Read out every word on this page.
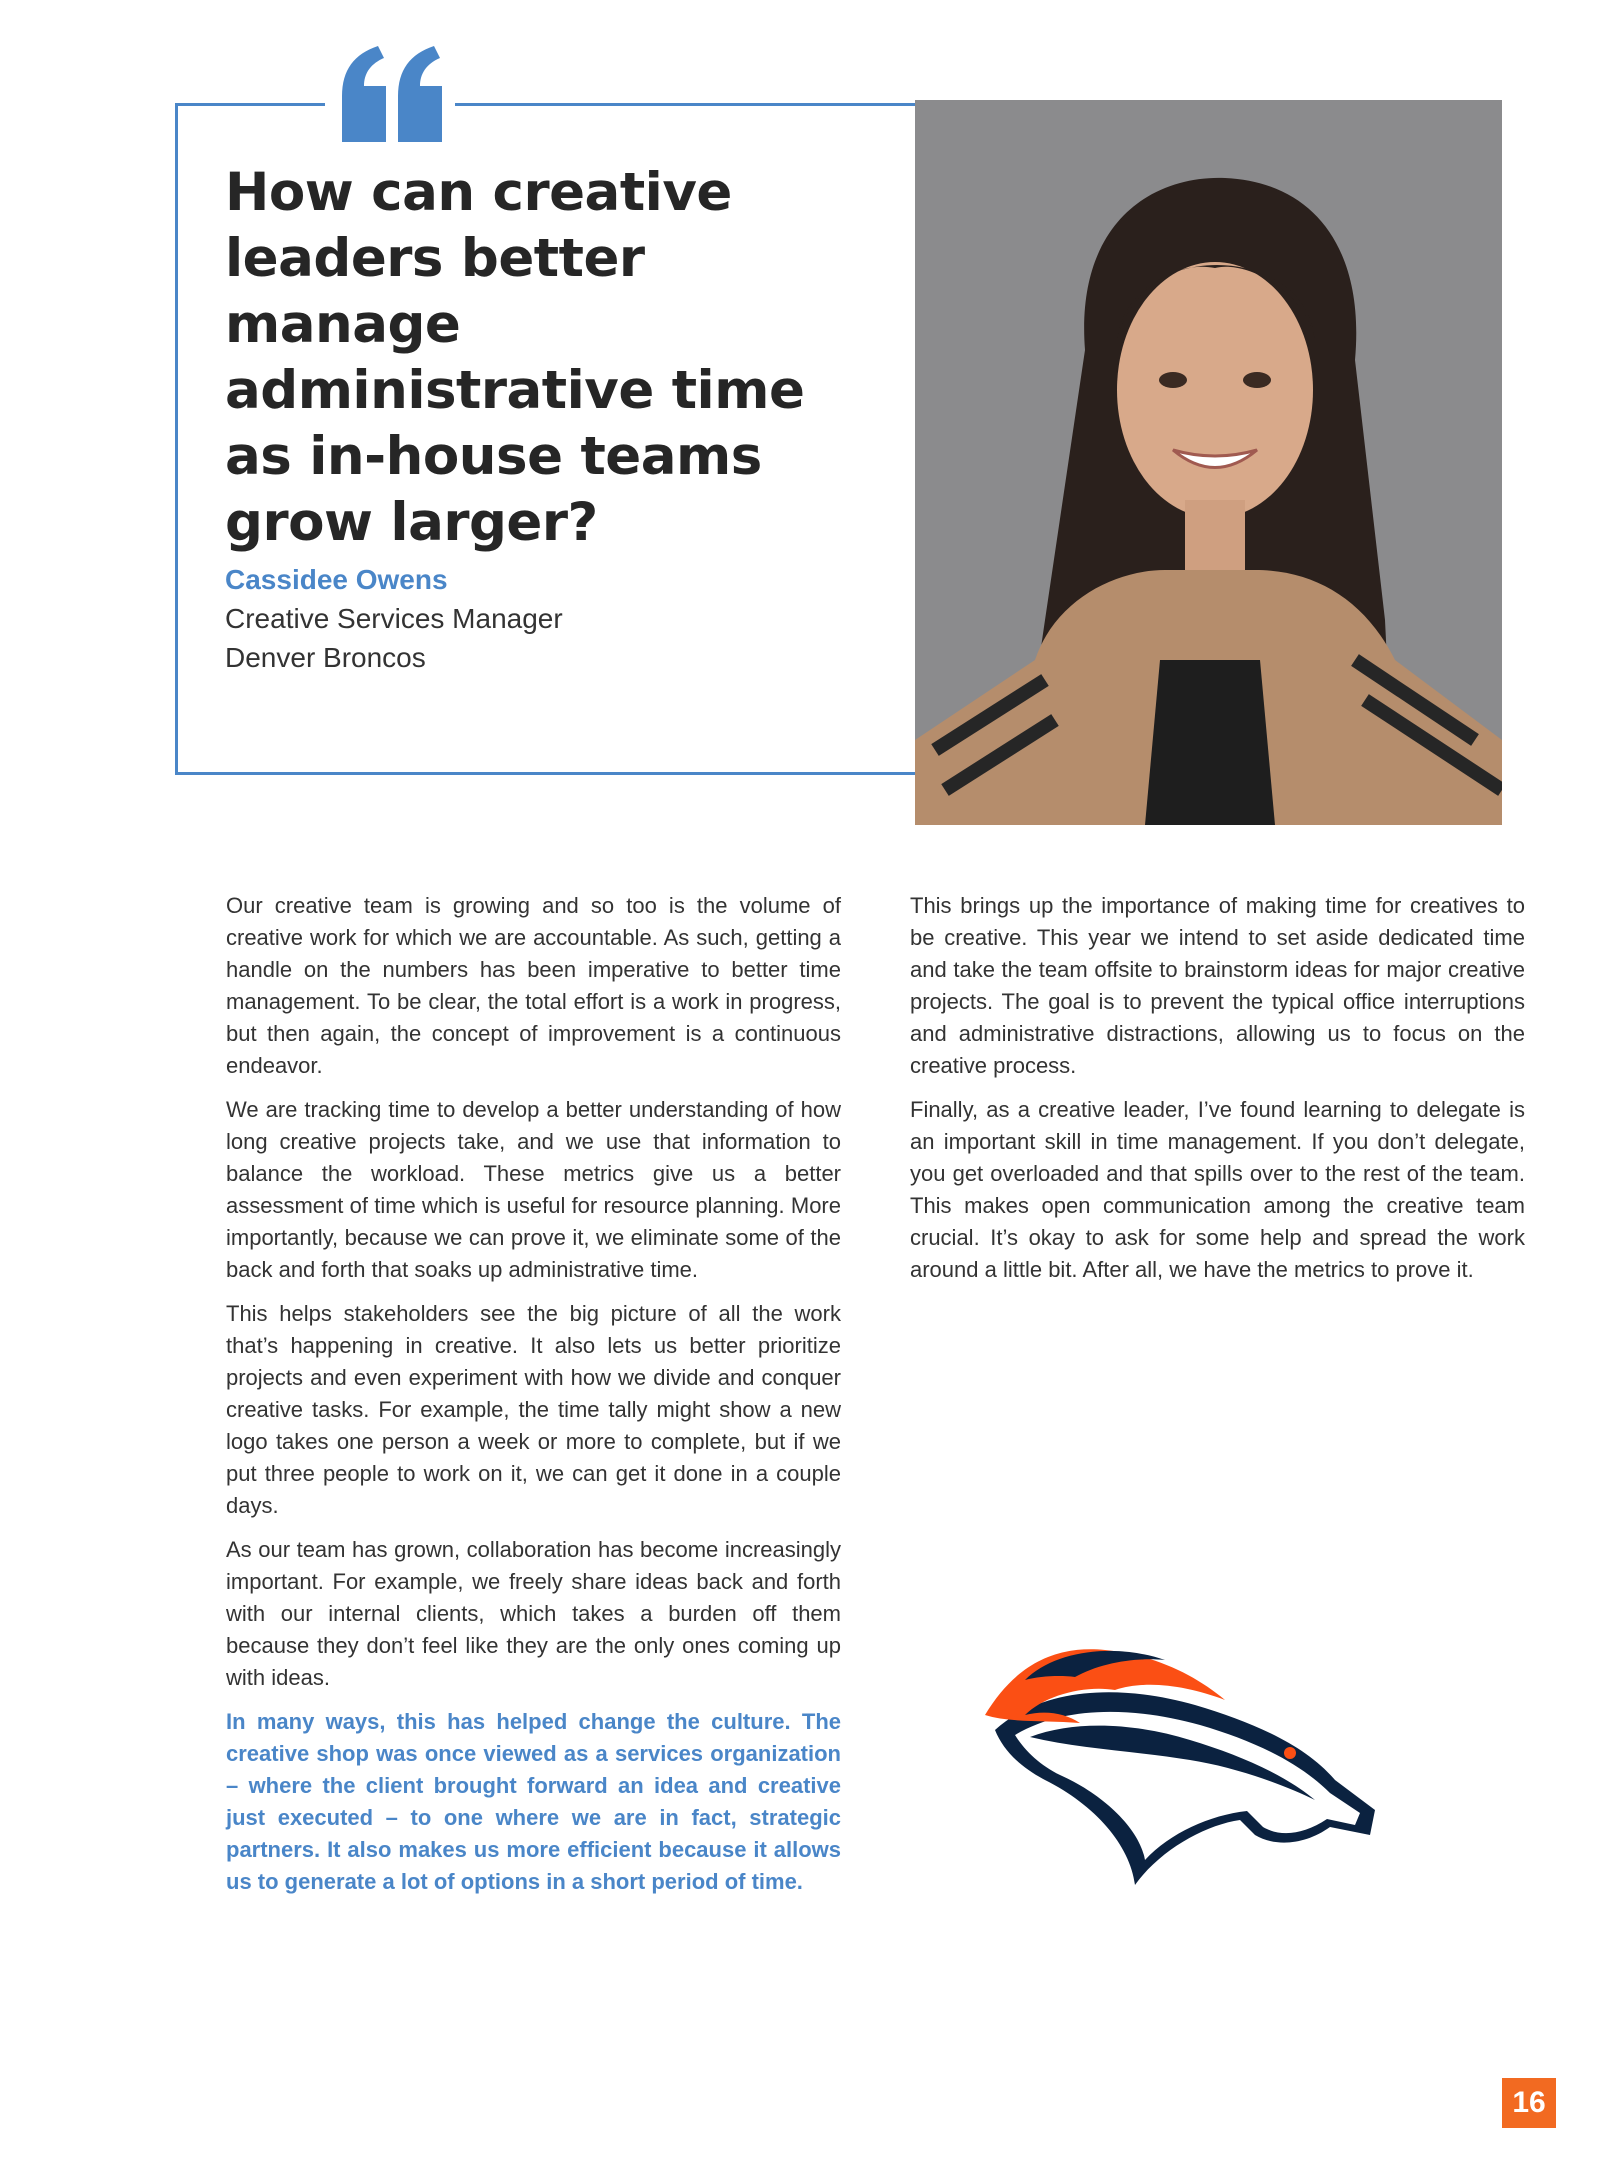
How can creative leaders better manage administrative time as in-house teams grow larger?
Cassidee Owens
Creative Services Manager
Denver Broncos

Our creative team is growing and so too is the volume of creative work for which we are accountable. As such, getting a handle on the numbers has been imperative to better time management. To be clear, the total effort is a work in progress, but then again, the concept of improvement is a continuous endeavor.

We are tracking time to develop a better understanding of how long creative projects take, and we use that information to balance the workload. These metrics give us a better assessment of time which is useful for resource planning. More importantly, because we can prove it, we eliminate some of the back and forth that soaks up administrative time.

This helps stakeholders see the big picture of all the work that’s happening in creative. It also lets us better prioritize projects and even experiment with how we divide and conquer creative tasks. For example, the time tally might show a new logo takes one person a week or more to complete, but if we put three people to work on it, we can get it done in a couple days.

As our team has grown, collaboration has become increasingly important. For example, we freely share ideas back and forth with our internal clients, which takes a burden off them because they don’t feel like they are the only ones coming up with ideas.

In many ways, this has helped change the culture. The creative shop was once viewed as a services organization – where the client brought forward an idea and creative just executed – to one where we are in fact, strategic partners. It also makes us more efficient because it allows us to generate a lot of options in a short period of time.

This brings up the importance of making time for creatives to be creative. This year we intend to set aside dedicated time and take the team offsite to brainstorm ideas for major creative projects. The goal is to prevent the typical office interruptions and administrative distractions, allowing us to focus on the creative process.

Finally, as a creative leader, I’ve found learning to delegate is an important skill in time management. If you don’t delegate, you get overloaded and that spills over to the rest of the team. This makes open communication among the creative team crucial. It’s okay to ask for some help and spread the work around a little bit. After all, we have the metrics to prove it.

16
